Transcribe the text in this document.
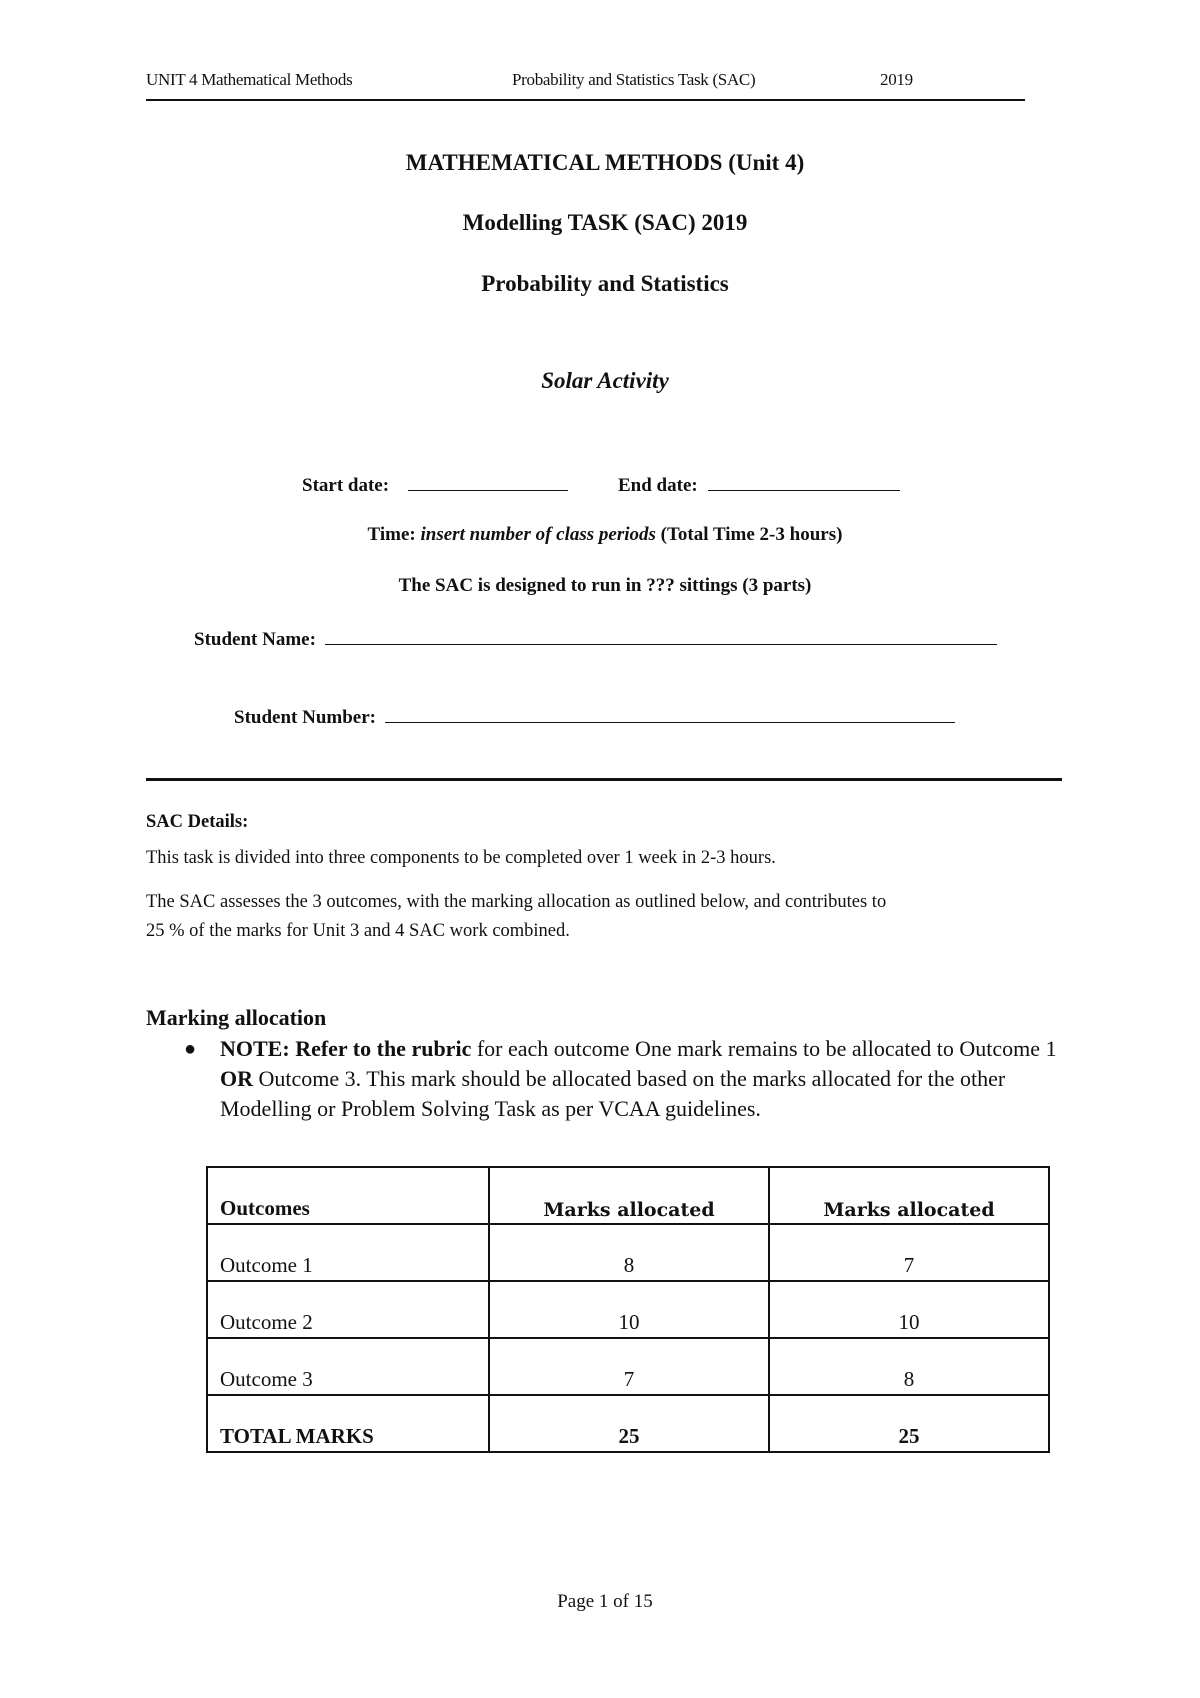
UNIT 4 Mathematical Methods	Probability and Statistics Task (SAC)	2019
MATHEMATICAL METHODS (Unit 4)
Modelling TASK (SAC) 2019
Probability and Statistics
Solar Activity
Start date:	End date:
Time: insert number of class periods (Total Time 2-3 hours)
The SAC is designed to run in ??? sittings (3 parts)
Student Name:
Student Number:
SAC Details:
This task is divided into three components to be completed over 1 week in 2-3 hours.
The SAC assesses the 3 outcomes, with the marking allocation as outlined below, and contributes to
25 % of the marks for Unit 3 and 4 SAC work combined.
Marking allocation
● NOTE: Refer to the rubric for each outcome One mark remains to be allocated to Outcome 1 OR Outcome 3. This mark should be allocated based on the marks allocated for the other Modelling or Problem Solving Task as per VCAA guidelines.
Outcomes	Marks allocated	Marks allocated
Outcome 1	8	7
Outcome 2	10	10
Outcome 3	7	8
TOTAL MARKS	25	25
Page 1 of 15
